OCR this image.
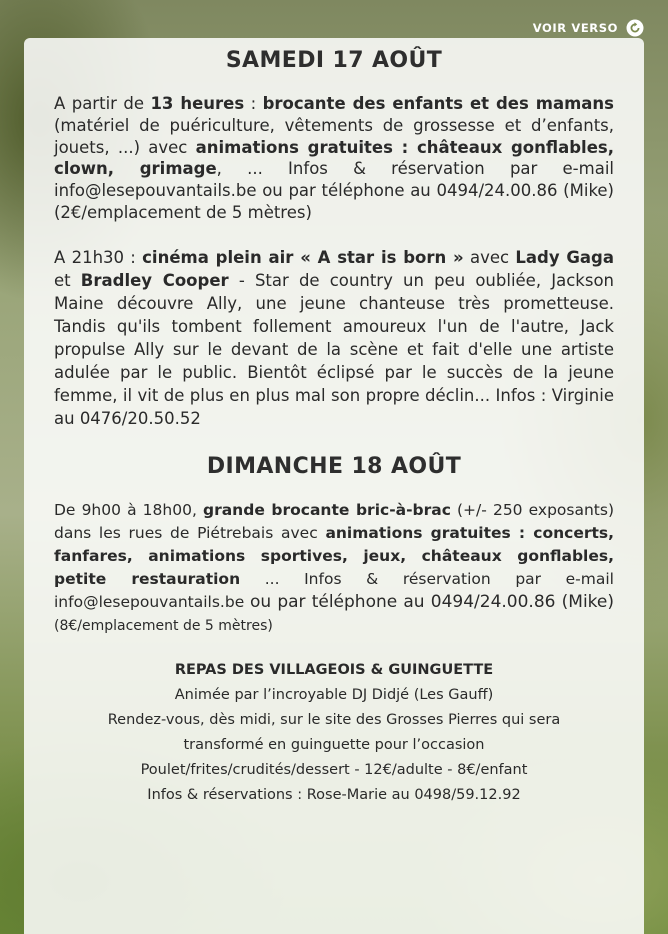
VOIR VERSO
SAMEDI 17 AOÛT

A partir de 13 heures : brocante des enfants et des mamans (matériel de puériculture, vêtements de grossesse et d’enfants, jouets, ...) avec animations gratuites : châteaux gonflables, clown, grimage, ... Infos & réservation par e-mail info@lesepouvantails.be ou par téléphone au 0494/24.00.86 (Mike) (2€/emplacement de 5 mètres)

A 21h30 : cinéma plein air « A star is born » avec Lady Gaga et Bradley Cooper - Star de country un peu oubliée, Jackson Maine découvre Ally, une jeune chanteuse très prometteuse. Tandis qu'ils tombent follement amoureux l'un de l'autre, Jack propulse Ally sur le devant de la scène et fait d'elle une artiste adulée par le public. Bientôt éclipsé par le succès de la jeune femme, il vit de plus en plus mal son propre déclin... Infos : Virginie au 0476/20.50.52

DIMANCHE 18 AOÛT

De 9h00 à 18h00, grande brocante bric-à-brac (+/- 250 exposants) dans les rues de Piétrebais avec animations gratuites : concerts, fanfares, animations sportives, jeux, châteaux gonflables, petite restauration ... Infos & réservation par e-mail info@lesepouvantails.be ou par téléphone au 0494/24.00.86 (Mike) (8€/emplacement de 5 mètres)

REPAS DES VILLAGEOIS & GUINGUETTE
Animée par l’incroyable DJ Didjé (Les Gauff)
Rendez-vous, dès midi, sur le site des Grosses Pierres qui sera
transformé en guinguette pour l’occasion
Poulet/frites/crudités/dessert - 12€/adulte - 8€/enfant
Infos & réservations : Rose-Marie au 0498/59.12.92
